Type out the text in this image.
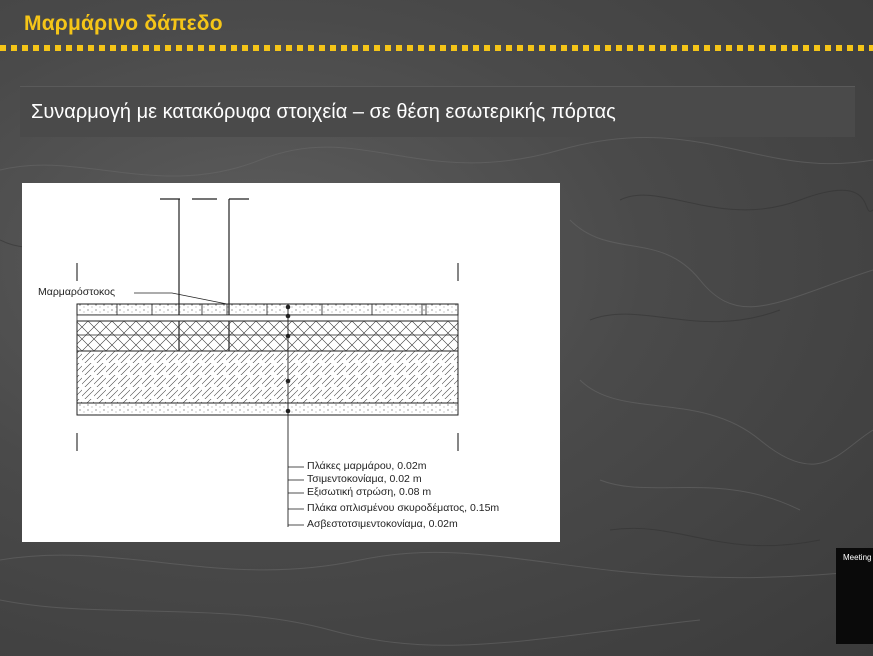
Μαρμάρινο δάπεδο
Συναρμογή με κατακόρυφα στοιχεία – σε θέση εσωτερικής πόρτας
Μαρμαρόστοκος
Πλάκες μαρμάρου, 0.02m
Τσιμεντοκονίαμα, 0.02 m
Εξισωτική στρώση, 0.08 m
Πλάκα οπλισμένου σκυροδέματος, 0.15m
Ασβεστοτσιμεντοκονίαμα, 0.02m
Meeting
